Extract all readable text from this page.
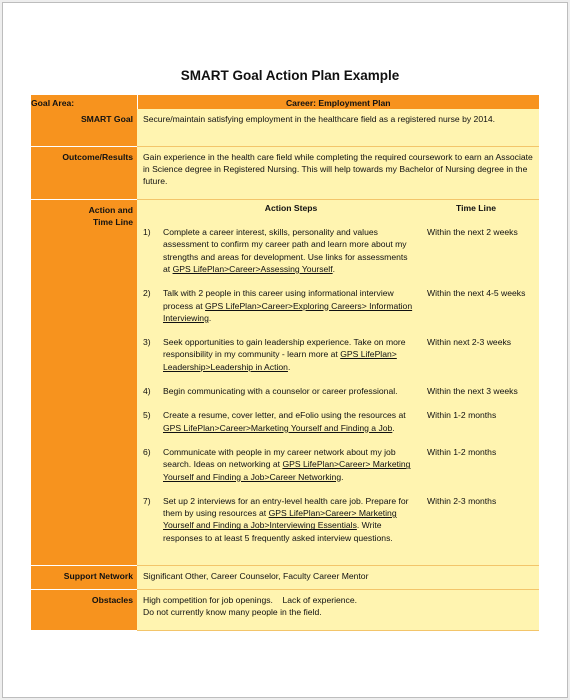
SMART Goal Action Plan Example
Goal Area:	Career: Employment Plan
SMART Goal	Secure/maintain satisfying employment in the healthcare field as a registered nurse by 2014.
Outcome/Results	Gain experience in the health care field while completing the required coursework to earn an Associate in Science degree in Registered Nursing. This will help towards my Bachelor of Nursing degree in the future.

Action and
Time Line

	Action Steps	Time Line
1)	Complete a career interest, skills, personality and values assessment to confirm my career path and learn more about my strengths and areas for development. Use links for assessments at GPS LifePlan>Career>Assessing Yourself.	Within the next 2 weeks
2)	Talk with 2 people in this career using informational interview process at GPS LifePlan>Career>Exploring Careers> Information Interviewing.	Within the next 4-5 weeks
3)	Seek opportunities to gain leadership experience. Take on more responsibility in my community - learn more at GPS LifePlan> Leadership>Leadership in Action.	Within next 2-3 weeks
4)	Begin communicating with a counselor or career professional.	Within the next 3 weeks
5)	Create a resume, cover letter, and eFolio using the resources at GPS LifePlan>Career>Marketing Yourself and Finding a Job.	Within 1-2 months
6)	Communicate with people in my career network about my job search. Ideas on networking at GPS LifePlan>Career> Marketing Yourself and Finding a Job>Career Networking.	Within 1-2 months
7)	Set up 2 interviews for an entry-level health care job. Prepare for them by using resources at GPS LifePlan>Career> Marketing Yourself and Finding a Job>Interviewing Essentials. Write responses to at least 5 frequently asked interview questions.	Within 2-3 months

Support Network	Significant Other, Career Counselor, Faculty Career Mentor
Obstacles	High competition for job openings.    Lack of experience.
Do not currently know many people in the field.
